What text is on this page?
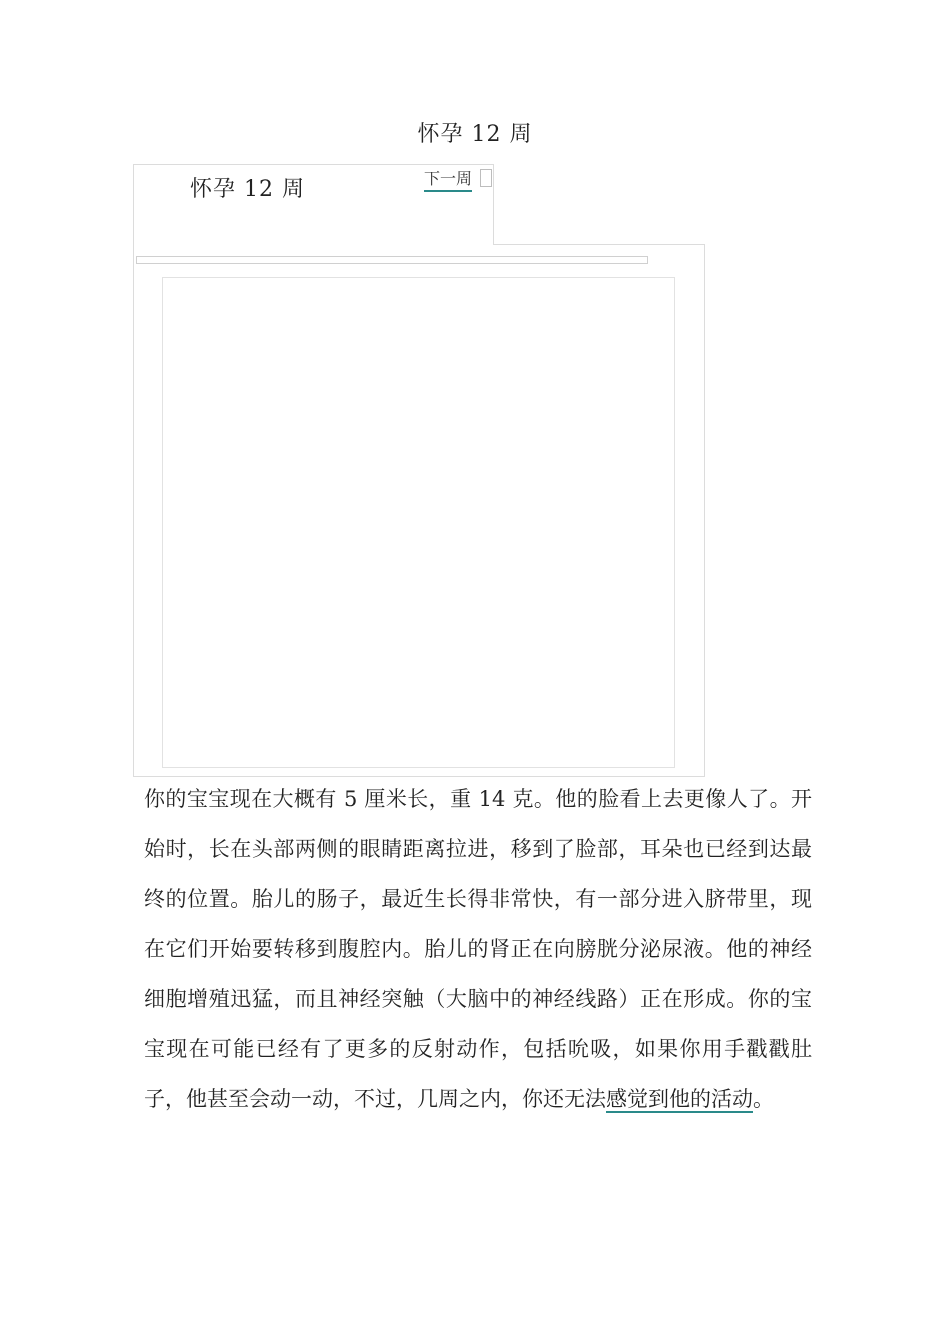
怀孕 12 周
怀孕 12 周	下一周
你的宝宝现在大概有 5 厘米长，重 14 克。他的脸看上去更像人了。开始时，长在头部两侧的眼睛距离拉进，移到了脸部，耳朵也已经到达最终的位置。胎儿的肠子，最近生长得非常快，有一部分进入脐带里，现在它们开始要转移到腹腔内。胎儿的肾正在向膀胱分泌尿液。他的神经细胞增殖迅猛，而且神经突触（大脑中的神经线路）正在形成。你的宝宝现在可能已经有了更多的反射动作，包括吮吸，如果你用手戳戳肚子，他甚至会动一动，不过，几周之内，你还无法感觉到他的活动。
